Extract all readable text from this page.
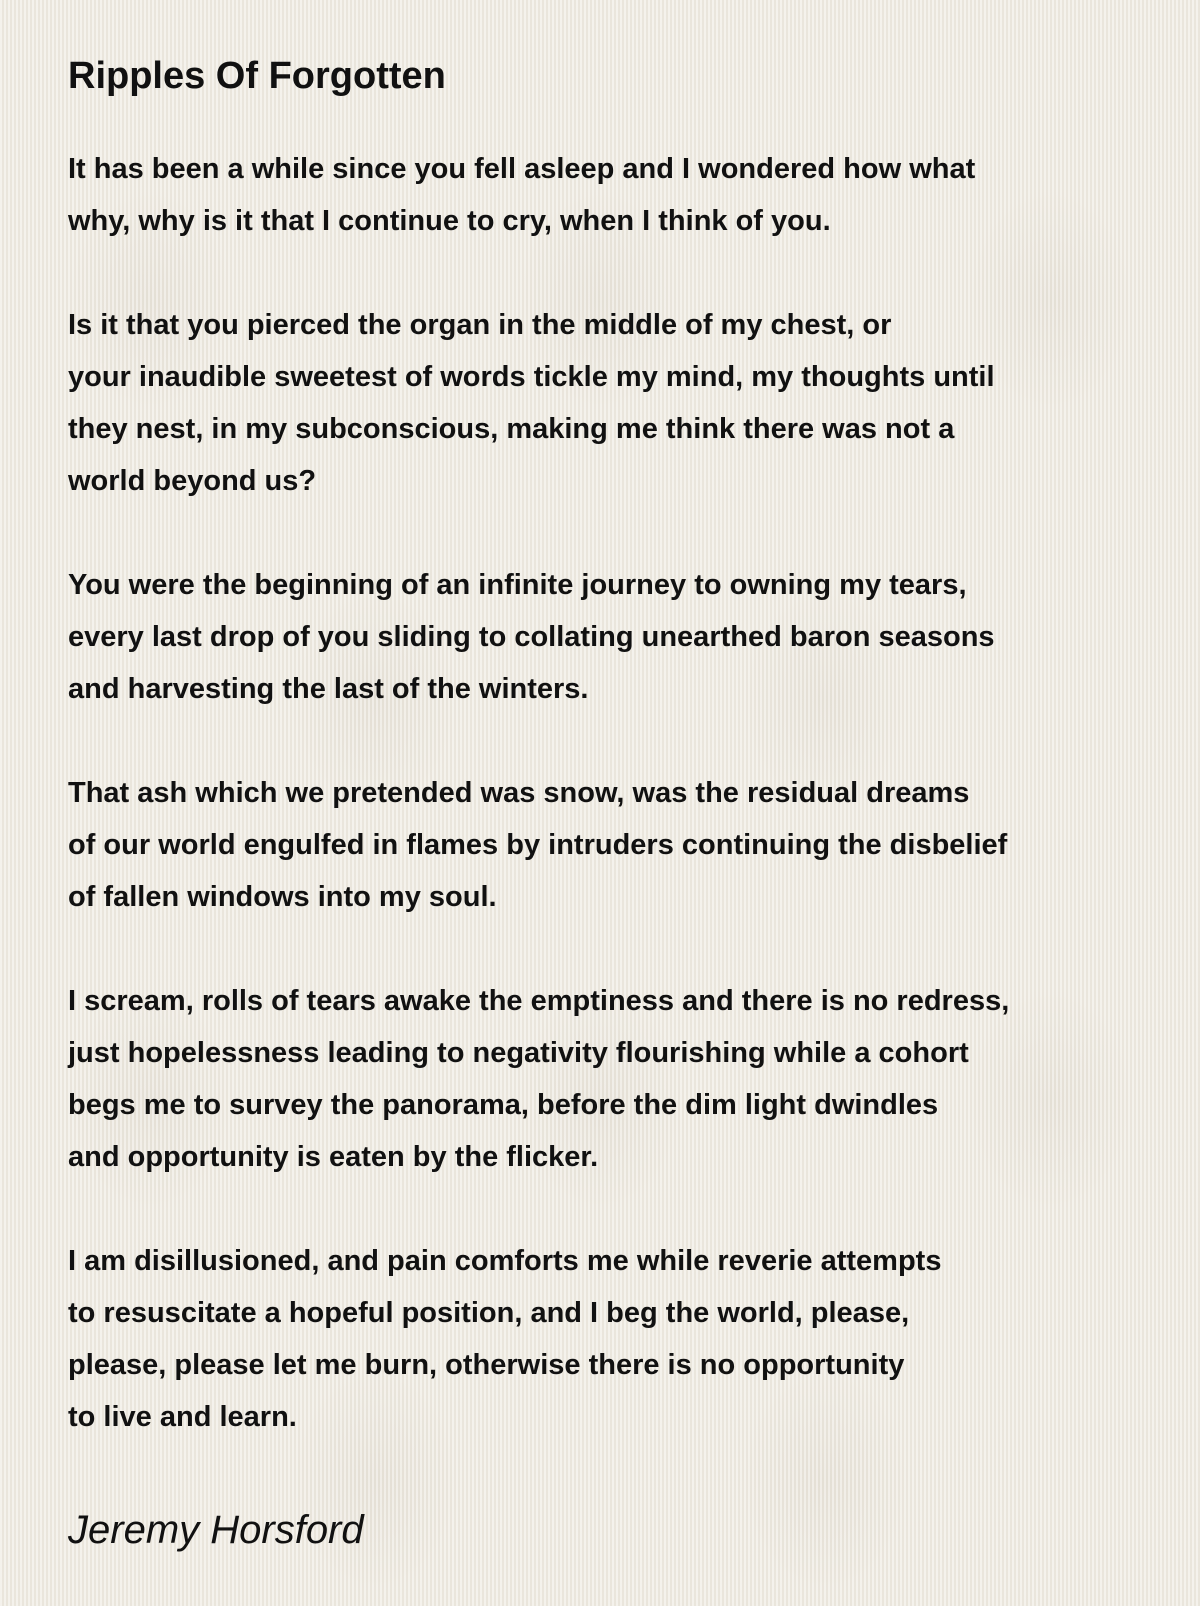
Ripples Of Forgotten

It has been a while since you fell asleep and I wondered how what
why, why is it that I continue to cry, when I think of you.

Is it that you pierced the organ in the middle of my chest, or
your inaudible sweetest of words tickle my mind, my thoughts until
they nest, in my subconscious, making me think there was not a
world beyond us?

You were the beginning of an infinite journey to owning my tears,
every last drop of you sliding to collating unearthed baron seasons
and harvesting the last of the winters.

That ash which we pretended was snow, was the residual dreams
of our world engulfed in flames by intruders continuing the disbelief
of fallen windows into my soul.

I scream, rolls of tears awake the emptiness and there is no redress,
just hopelessness leading to negativity flourishing while a cohort
begs me to survey the panorama, before the dim light dwindles
and opportunity is eaten by the flicker.

I am disillusioned, and pain comforts me while reverie attempts
to resuscitate a hopeful position, and I beg the world, please,
please, please let me burn, otherwise there is no opportunity
to live and learn.

Jeremy Horsford
